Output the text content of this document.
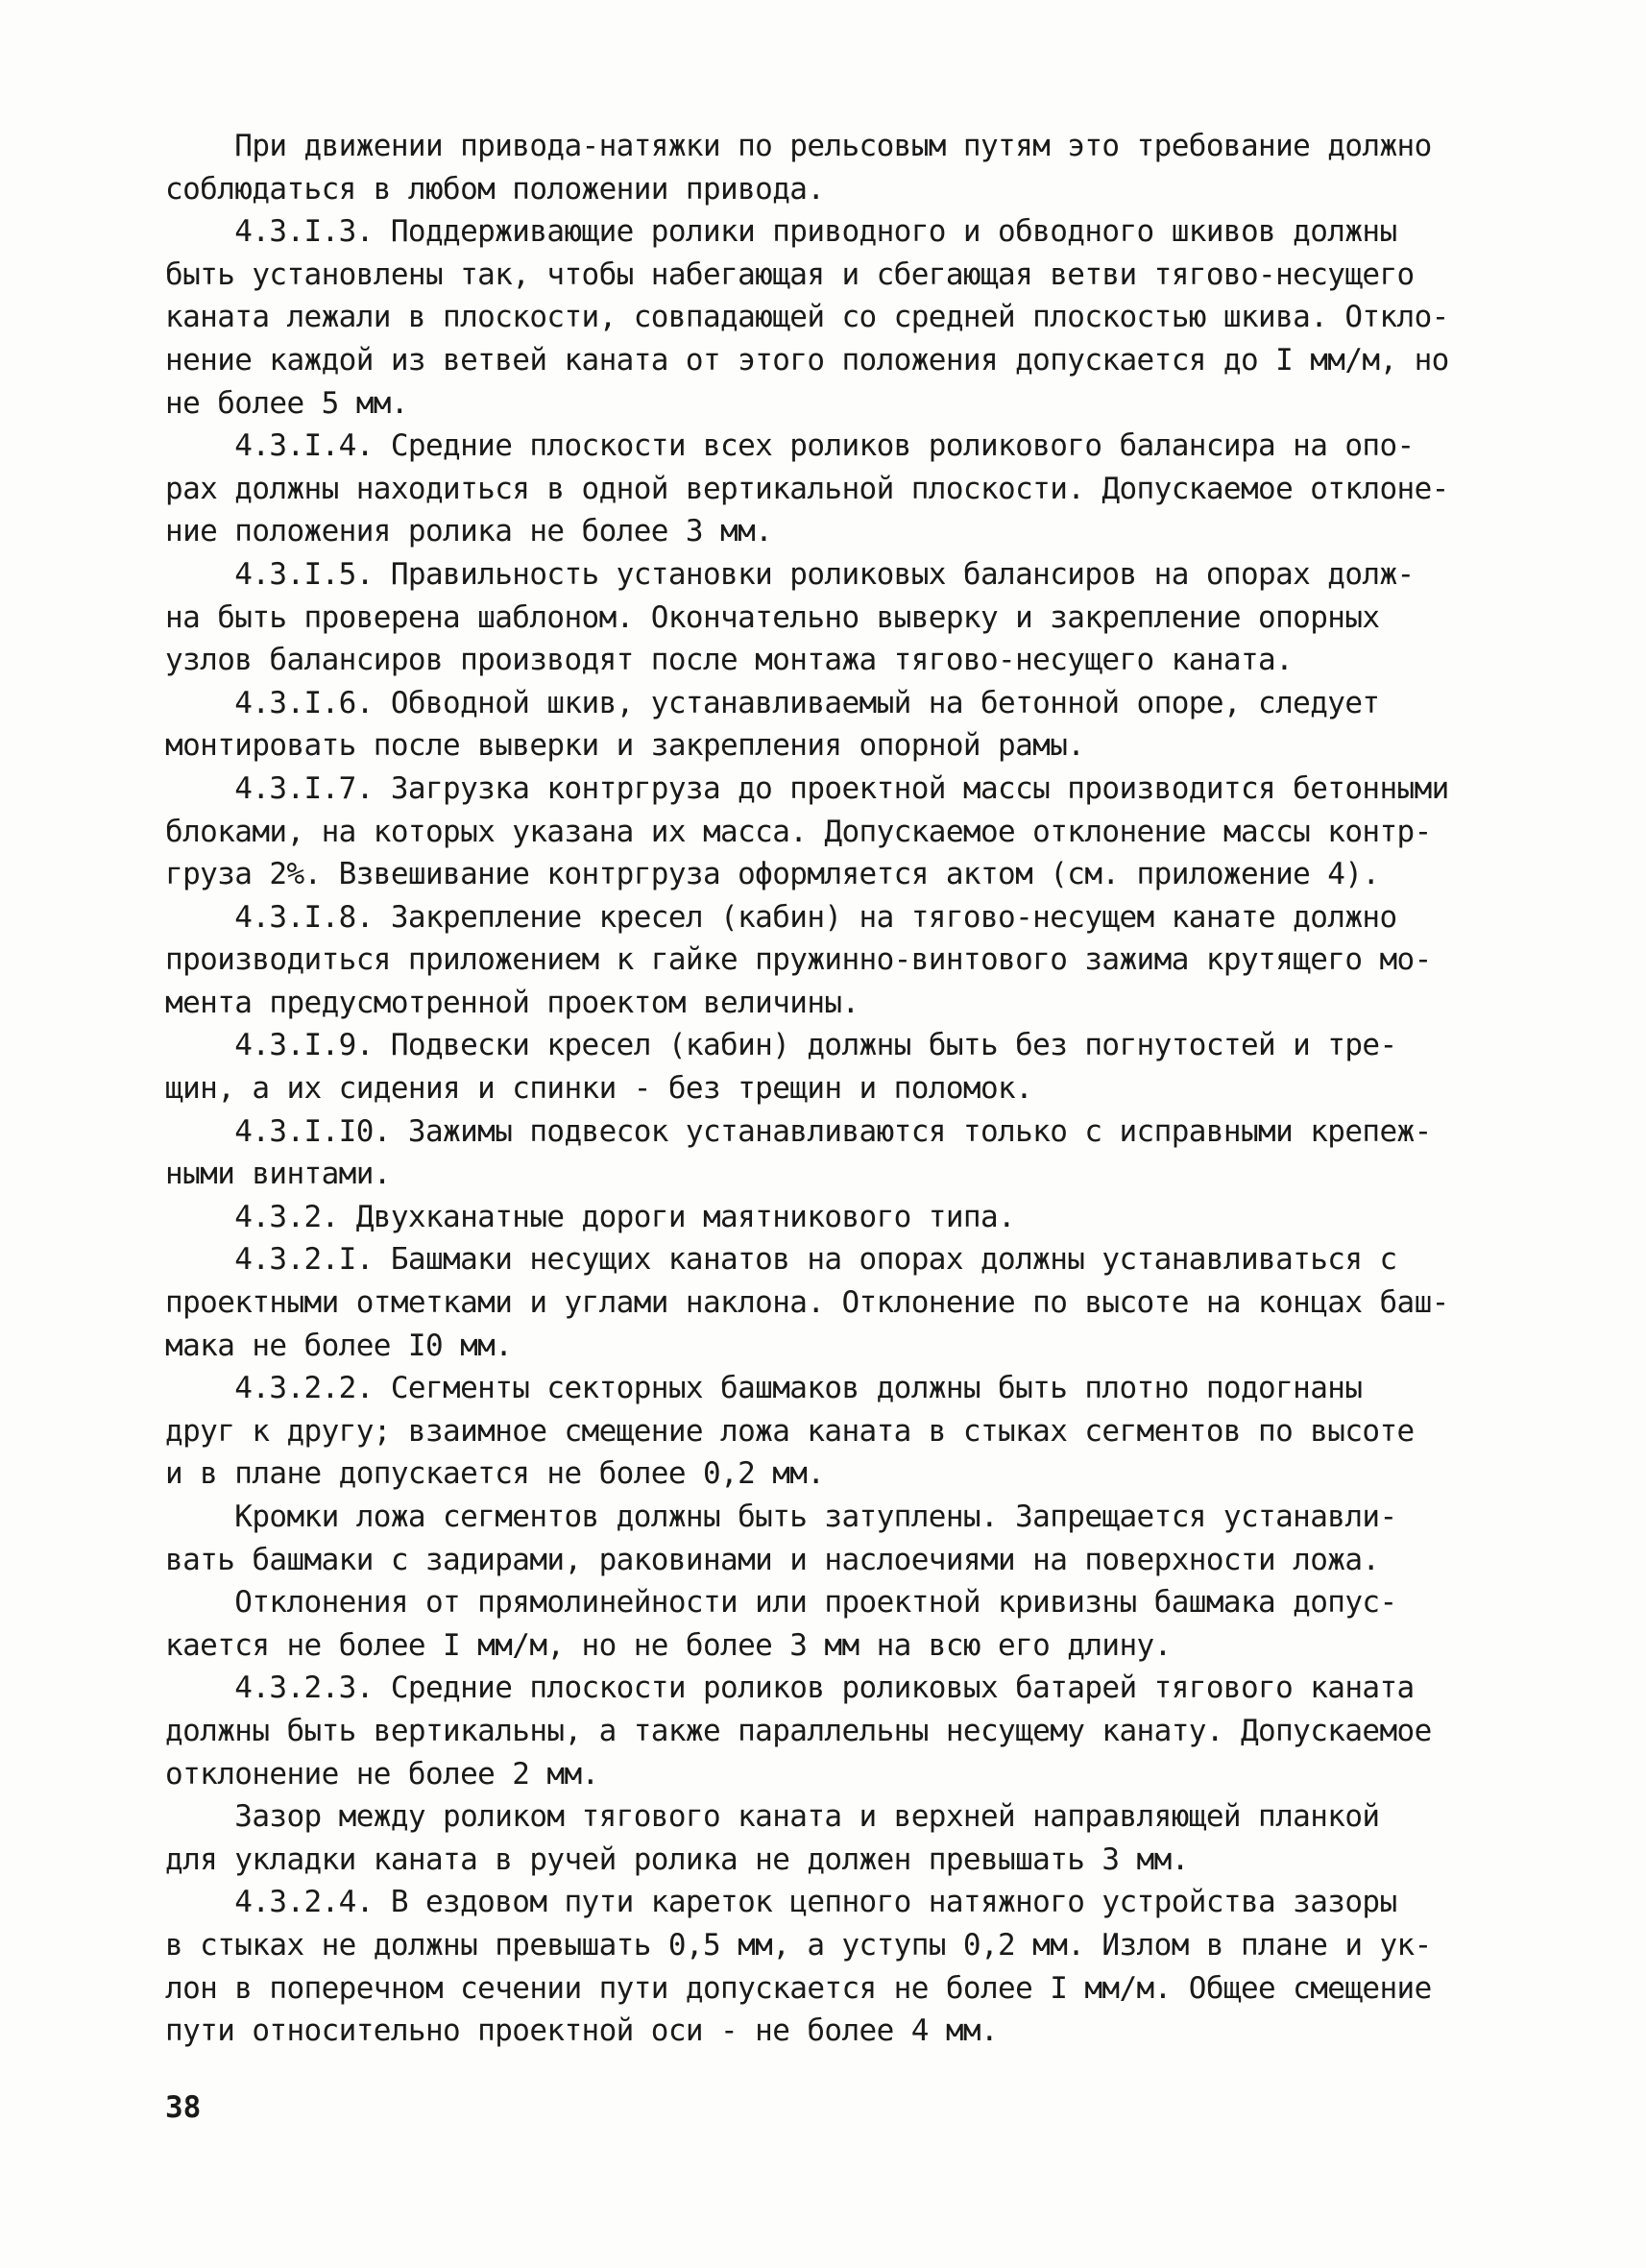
При движении привода-натяжки по рельсовым путям это требование должно
соблюдаться в любом положении привода.
4.3.I.3. Поддерживающие ролики приводного и обводного шкивов должны
быть установлены так, чтобы набегающая и сбегающая ветви тягово-несущего
каната лежали в плоскости, совпадающей со средней плоскостью шкива. Откло-
нение каждой из ветвей каната от этого положения допускается до I мм/м, но
не более 5 мм.
4.3.I.4. Средние плоскости всех роликов роликового балансира на опо-
рах должны находиться в одной вертикальной плоскости. Допускаемое отклоне-
ние положения ролика не более 3 мм.
4.3.I.5. Правильность установки роликовых балансиров на опорах долж-
на быть проверена шаблоном. Окончательно выверку и закрепление опорных
узлов балансиров производят после монтажа тягово-несущего каната.
4.3.I.6. Обводной шкив, устанавливаемый на бетонной опоре, следует
монтировать после выверки и закрепления опорной рамы.
4.3.I.7. Загрузка контргруза до проектной массы производится бетонными
блоками, на которых указана их масса. Допускаемое отклонение массы контр-
груза 2%. Взвешивание контргруза оформляется актом (см. приложение 4).
4.3.I.8. Закрепление кресел (кабин) на тягово-несущем канате должно
производиться приложением к гайке пружинно-винтового зажима крутящего мо-
мента предусмотренной проектом величины.
4.3.I.9. Подвески кресел (кабин) должны быть без погнутостей и тре-
щин, а их сидения и спинки - без трещин и поломок.
4.3.I.I0. Зажимы подвесок устанавливаются только с исправными крепеж-
ными винтами.
4.3.2. Двухканатные дороги маятникового типа.
4.3.2.I. Башмаки несущих канатов на опорах должны устанавливаться с
проектными отметками и углами наклона. Отклонение по высоте на концах баш-
мака не более I0 мм.
4.3.2.2. Сегменты секторных башмаков должны быть плотно подогнаны
друг к другу; взаимное смещение ложа каната в стыках сегментов по высоте
и в плане допускается не более 0,2 мм.
Кромки ложа сегментов должны быть затуплены. Запрещается устанавли-
вать башмаки с задирами, раковинами и наслоечиями на поверхности ложа.
Отклонения от прямолинейности или проектной кривизны башмака допус-
кается не более I мм/м, но не более 3 мм на всю его длину.
4.3.2.3. Средние плоскости роликов роликовых батарей тягового каната
должны быть вертикальны, а также параллельны несущему канату. Допускаемое
отклонение не более 2 мм.
Зазор между роликом тягового каната и верхней направляющей планкой
для укладки каната в ручей ролика не должен превышать 3 мм.
4.3.2.4. В ездовом пути кареток цепного натяжного устройства зазоры
в стыках не должны превышать 0,5 мм, а уступы 0,2 мм. Излом в плане и ук-
лон в поперечном сечении пути допускается не более I мм/м. Общее смещение
пути относительно проектной оси - не более 4 мм.
38
